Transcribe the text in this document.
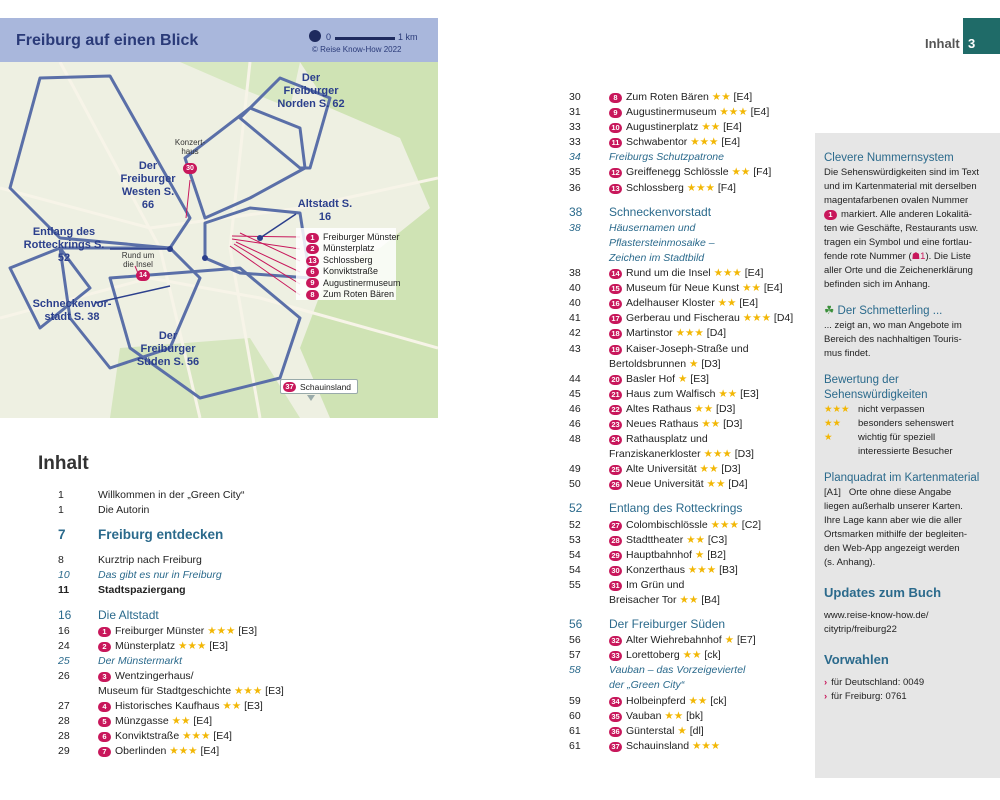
Freiburg auf einen Blick	0	1 km
© Reise Know-How 2022
Der Freiburger Norden S. 62
Der Freiburger Westen S. 66	Altstadt S. 16
Entlang des Rotteckrings S. 52
Schneckenvor- stadt S. 38
Der Freiburger Süden S. 56
Konzert- haus
30
Rund um die Insel
14
1 Freiburger Münster
2 Münsterplatz
13 Schlossberg
6 Konviktstraße
9 Augustinermuseum
8 Zum Roten Bären
37 Schauinsland
Inhalt 3
Inhalt
1	Willkommen in der „Green City“
1	Die Autorin
7	Freiburg entdecken
8	Kurztrip nach Freiburg
10	Das gibt es nur in Freiburg
11	Stadtspaziergang
16	Die Altstadt
16	1 Freiburger Münster ★★★ [E3]
24	2 Münsterplatz ★★★ [E3]
25	Der Münstermarkt
26	3 Wentzingerhaus/
Museum für Stadtgeschichte ★★★ [E3]
27	4 Historisches Kaufhaus ★★ [E3]
28	5 Münzgasse ★★ [E4]
28	6 Konviktstraße ★★★ [E4]
29	7 Oberlinden ★★★ [E4]
30	8 Zum Roten Bären ★★ [E4]
31	9 Augustinermuseum ★★★ [E4]
33	10 Augustinerplatz ★★ [E4]
33	11 Schwabentor ★★★ [E4]
34	Freiburgs Schutzpatrone
35	12 Greiffenegg Schlössle ★★ [F4]
36	13 Schlossberg ★★★ [F4]
38	Schneckenvorstadt
38	Häusernamen und
Pflastersteinmosaike –
Zeichen im Stadtbild
38	14 Rund um die Insel ★★★ [E4]
40	15 Museum für Neue Kunst ★★ [E4]
40	16 Adelhauser Kloster ★★ [E4]
41	17 Gerberau und Fischerau ★★★ [D4]
42	18 Martinstor ★★★ [D4]
43	19 Kaiser-Joseph-Straße und
Bertoldsbrunnen ★ [D3]
44	20 Basler Hof ★ [E3]
45	21 Haus zum Walfisch ★★ [E3]
46	22 Altes Rathaus ★★ [D3]
46	23 Neues Rathaus ★★ [D3]
48	24 Rathausplatz und
Franziskanerkloster ★★★ [D3]
49	25 Alte Universität ★★ [D3]
50	26 Neue Universität ★★ [D4]
52	Entlang des Rotteckrings
52	27 Colombischlössle ★★★ [C2]
53	28 Stadttheater ★★ [C3]
54	29 Hauptbahnhof ★ [B2]
54	30 Konzerthaus ★★★ [B3]
55	31 Im Grün und
Breisacher Tor ★★ [B4]
56	Der Freiburger Süden
56	32 Alter Wiehrebahnhof ★ [E7]
57	33 Lorettoberg ★★ [ck]
58	Vauban – das Vorzeigeviertel
der „Green City“
59	34 Holbeinpferd ★★ [ck]
60	35 Vauban ★★ [bk]
61	36 Günterstal ★ [dl]
61	37 Schauinsland ★★★
Clevere Nummernsystem
Die Sehenswürdigkeiten sind im Text
und im Kartenmaterial mit derselben
magentafarbenen ovalen Nummer
1 markiert. Alle anderen Lokalitä-
ten wie Geschäfte, Restaurants usw.
tragen ein Symbol und eine fortlau-
fende rote Nummer (☗1). Die Liste
aller Orte und die Zeichenerklärung
befinden sich im Anhang.
☘ Der Schmetterling ...
... zeigt an, wo man Angebote im
Bereich des nachhaltigen Touris-
mus findet.
Bewertung der
Sehenswürdigkeiten
★★★ nicht verpassen
★★	besonders sehenswert
★	wichtig für speziell
interessierte Besucher
Planquadrat im Kartenmaterial
[A1] Orte ohne diese Angabe
liegen außerhalb unserer Karten.
Ihre Lage kann aber wie die aller
Ortsmarken mithilfe der begleiten-
den Web-App angezeigt werden
(s. Anhang).
Updates zum Buch
www.reise-know-how.de/
citytrip/freiburg22
Vorwahlen
› für Deutschland: 0049
› für Freiburg: 0761
